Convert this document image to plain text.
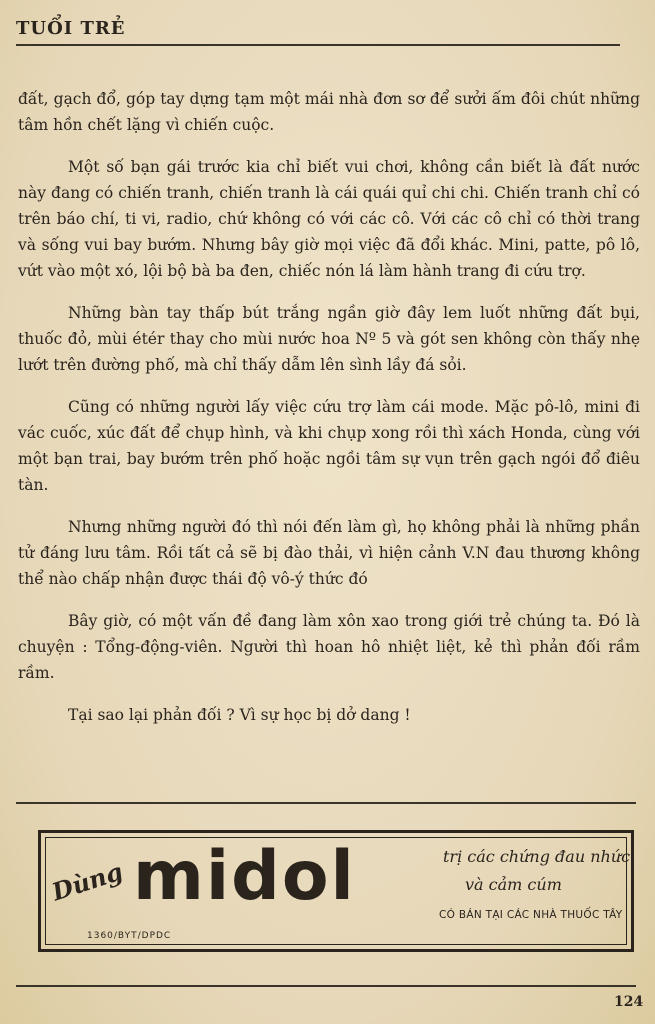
TUỔI TRẺ

đất, gạch đổ, góp tay dựng tạm một mái nhà đơn sơ để sưởi ấm đôi chút những tâm hồn chết lặng vì chiến cuộc.

Một số bạn gái trước kia chỉ biết vui chơi, không cần biết là đất nước này đang có chiến tranh, chiến tranh là cái quái quỉ chi chi. Chiến tranh chỉ có trên báo chí, ti vi, radio, chứ không có với các cô. Với các cô chỉ có thời trang và sống vui bay bướm. Nhưng bây giờ mọi việc đã đổi khác. Mini, patte, pô lô, vứt vào một xó, lội bộ bà ba đen, chiếc nón lá làm hành trang đi cứu trợ.

Những bàn tay thấp bút trắng ngần giờ đây lem luốt những đất bụi, thuốc đỏ, mùi étér thay cho mùi nước hoa Nº 5 và gót sen không còn thấy nhẹ lướt trên đường phố, mà chỉ thấy dẫm lên sình lầy đá sỏi.

Cũng có những người lấy việc cứu trợ làm cái mode. Mặc pô-lô, mini đi vác cuốc, xúc đất để chụp hình, và khi chụp xong rồi thì xách Honda, cùng với một bạn trai, bay bướm trên phố hoặc ngồi tâm sự vụn trên gạch ngói đổ điêu tàn.

Nhưng những người đó thì nói đến làm gì, họ không phải là những phần tử đáng lưu tâm. Rồi tất cả sẽ bị đào thải, vì hiện cảnh V.N đau thương không thể nào chấp nhận được thái độ vô-ý thức đó

Bây giờ, có một vấn đề đang làm xôn xao trong giới trẻ chúng ta. Đó là chuyện : Tổng-động-viên. Người thì hoan hô nhiệt liệt, kẻ thì phản đối rầm rầm.

Tại sao lại phản đối ? Vì sự học bị dở dang !

Dùng midol
1360/BYT/DPDC
trị các chứng đau nhức
và cảm cúm
CÓ BÁN TẠI CÁC NHÀ THUỐC TÂY
124
